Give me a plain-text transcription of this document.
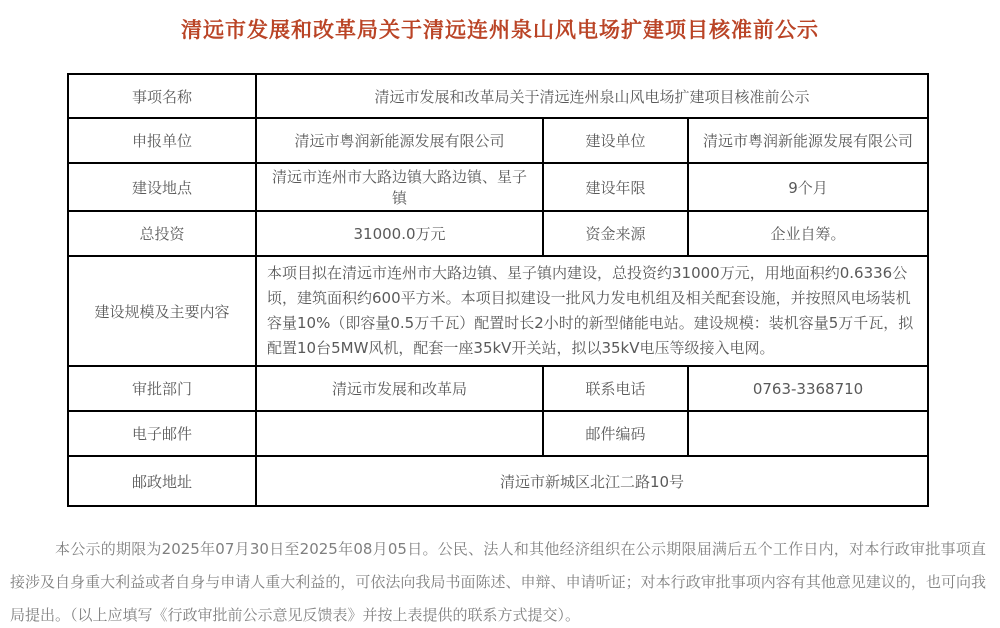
清远市发展和改革局关于清远连州泉山风电场扩建项目核准前公示
事项名称	清远市发展和改革局关于清远连州泉山风电场扩建项目核准前公示		
申报单位	清远市粤润新能源发展有限公司	建设单位	清远市粤润新能源发展有限公司
建设地点	清远市连州市大路边镇大路边镇、星子镇	建设年限	9个月
总投资	31000.0万元	资金来源	企业自筹。
建设规模及主要内容	本项目拟在清远市连州市大路边镇、星子镇内建设，总投资约31000万元，用地面积约0.6336公顷，建筑面积约600平方米。本项目拟建设一批风力发电机组及相关配套设施，并按照风电场装机容量10%（即容量0.5万千瓦）配置时长2小时的新型储能电站。建设规模：装机容量5万千瓦，拟配置10台5MW风机，配套一座35kV开关站，拟以35kV电压等级接入电网。		
审批部门	清远市发展和改革局	联系电话	0763-3368710
电子邮件		邮件编码	
邮政地址	清远市新城区北江二路10号		

本公示的期限为2025年07月30日至2025年08月05日。公民、法人和其他经济组织在公示期限届满后五个工作日内，对本行政审批事项直接涉及自身重大利益或者自身与申请人重大利益的，可依法向我局书面陈述、申辩、申请听证；对本行政审批事项内容有其他意见建议的，也可向我局提出。（以上应填写《行政审批前公示意见反馈表》并按上表提供的联系方式提交）。
